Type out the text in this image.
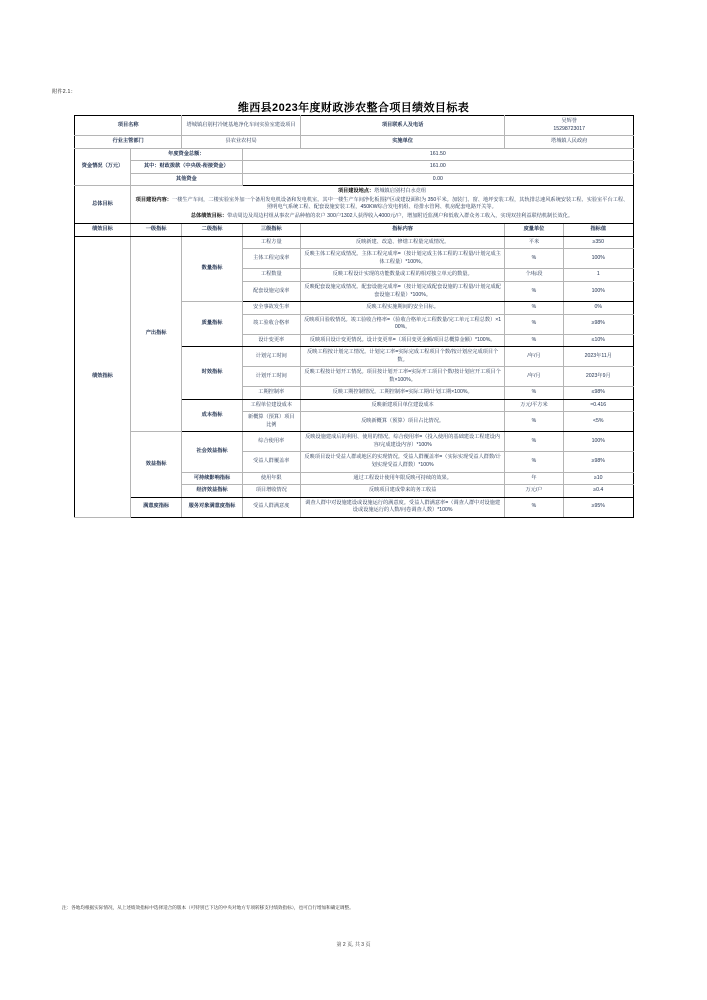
附件2.1：
维西县2023年度财政涉农整合项目绩效目标表
项目名称		塔城镇启别村冷链基地净化车间实验室建设项目		项目联系人及电话	吴辉誉
15298723017	

行业主管部门		县农业农村局		实施单位	塔城镇人民政府	
资金情况（万元）	年度资金总额：		161.50			
	其中：财政拨款（中央级-衔接资金）		161.00			
	其他资金		0.00			
总体目标	项目建设地点：塔城镇启别村白水竞组

项目建设内容：一楼生产车间，二楼实验室外加一个备用发电机设备和发电机室。其中一楼生产车间净化板围护区或建设面积为 350平米。加装门、窗、地坪安装工程，其轨排总速风系统安装工程、实验室平台工程、照明电气系统工程、配套设施安装工程，450KW综合发电机组、给排水管网、机房配套电路开关等。

总体绩效目标：带动周边及周边村组从事农产品种植的农户 300户1302人获得收入4000元/户，增加附近监测户和低收入群众务工收入，实现双挂利益联结机制长效化。					

绩效目标	一级指标	二级指标	三级指标	指标内容	度量单位	指标值
绩效指标	产出指标	数量指标	工程方量	反映新建、改造、修缮工程量完成情况。	平米	≥350
			主体工程完成率	反映主体工程完成情况。主体工程完成率=（按计划完成主体工程的工程量/计划完成主体工程量）*100%。	%	100%
			工程数量	反映工程设计实现的功能数量或工程的相对独立单元的数量。	个/标段	1
			配套设施完成率	反映配套设施完成情况。配套设施完成率=（按计划完成配套设施的工程量/计划完成配套设施工程量）*100%。	%	100%
		质量指标	安全事故发生率	反映工程实施期间的安全目标。	%	0%
			竣工验收合格率	反映项目验收情况。竣工验收合格率=（验收合格单元工程数量/完工单元工程总数）×100%。	%	≥98%
			设计变更率	反映项目设计变更情况。设计变更率=（项目变更金额/项目总概算金额）*100%。	%	≤10%
		时效指标	计划完工时间	反映工程按计划完工情况。计划完工率=实际完成工程项目个数/按计划应完成项目个数。	/年/月	2023年11月
			计划开工时间	反映工程按计划开工情况。项目按计划开工率=实际开工项目个数/按计划应开工项目个数×100%。	/年/月	2023年9月
			工期控制率	反映工期控制情况。工期控制率=实际工期/计划工期×100%。	%	≤98%
		成本指标	工程单位建设成本	反映新建项目单位建设成本	万元/平方米	≈0.416
			新概算（预算）项目比例	反映新概算（预算）项目占比情况。	%	<5%
	效益指标	社会效益指标	综合使用率	反映设施建成后的利用、使用的情况。综合使用率=（投入使用的基础建设工程建设内容/完成建设内容）*100%	%	100%
			受益人群覆盖率	反映项目设计受益人群或地区的实现情况。受益人群覆盖率=（实际实现受益人群数/计划实现受益人群数）*100%	%	≥98%
		可持续影响指标	使用年限	通过工程设计使用年限反映可持续的效果。	年	≥10
		经济效益指标	项目增收情况	反映项目建成带来的务工收益	万元/户	≥0.4
	满意度指标	服务对象满意度指标	受益人群满意度	调查人群中对设施建设或设施运行的满意度。受益人群满意率=（调查人群中对设施建设或设施运行的人数/问卷调查人数）*100%	%	≥95%
注：各地均根据实际情况，从上述绩效指标中选择适合的版本（可特别已下达的中央对地方专项转移支付绩效指标），也可自行增加和确定调整。
第 2 页, 共 3 页
